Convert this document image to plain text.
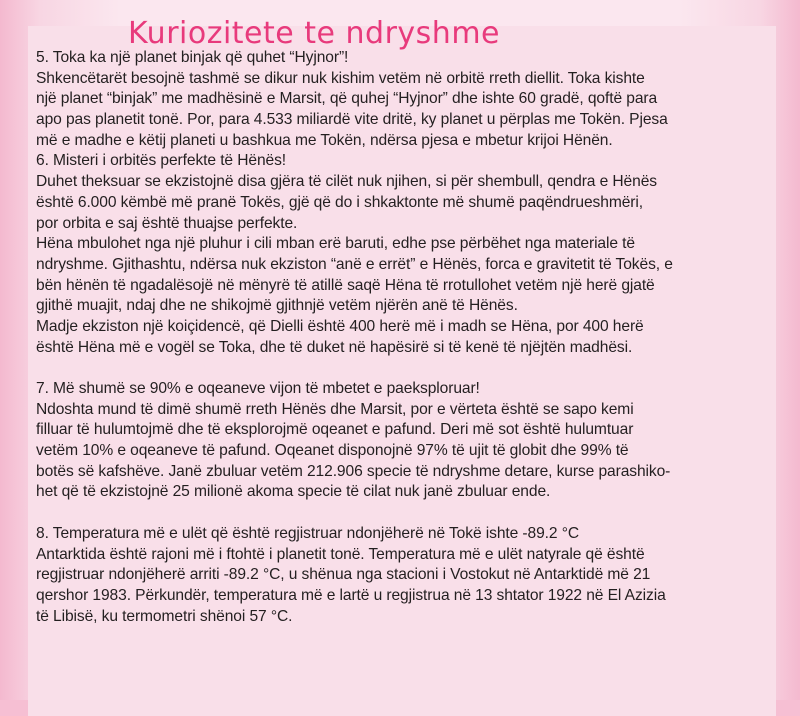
Kuriozitete te ndryshme
5. Toka ka një planet binjak që quhet “Hyjnor”!
Shkencëtarët besojnë tashmë se dikur nuk kishim vetëm në orbitë rreth diellit. Toka kishte
një planet “binjak” me madhësinë e Marsit, që quhej “Hyjnor” dhe ishte 60 gradë, qoftë para
apo pas planetit tonë. Por, para 4.533 miliardë vite dritë, ky planet u përplas me Tokën. Pjesa
më e madhe e këtij planeti u bashkua me Tokën, ndërsa pjesa e mbetur krijoi Hënën.
6. Misteri i orbitës perfekte të Hënës!
Duhet theksuar se ekzistojnë disa gjëra të cilët nuk njihen, si për shembull, qendra e Hënës
është 6.000 këmbë më pranë Tokës, gjë që do i shkaktonte më shumë paqëndrueshmëri,
por orbita e saj është thuajse perfekte.
Hëna mbulohet nga një pluhur i cili mban erë baruti, edhe pse përbëhet nga materiale të
ndryshme. Gjithashtu, ndërsa nuk ekziston “anë e errët” e Hënës, forca e gravitetit të Tokës, e
bën hënën të ngadalësojë në mënyrë të atillë saqë Hëna të rrotullohet vetëm një herë gjatë
gjithë muajit, ndaj dhe ne shikojmë gjithnjë vetëm njërën anë të Hënës.
Madje ekziston një koiçidencë, që Dielli është 400 herë më i madh se Hëna, por 400 herë
është Hëna më e vogël se Toka, dhe të duket në hapësirë si të kenë të njëjtën madhësi.
7. Më shumë se 90% e oqeaneve vijon të mbetet e paeksploruar!
Ndoshta mund të dimë shumë rreth Hënës dhe Marsit, por e vërteta është se sapo kemi
filluar të hulumtojmë dhe të eksplorojmë oqeanet e pafund. Deri më sot është hulumtuar
vetëm 10% e oqeaneve të pafund. Oqeanet disponojnë 97% të ujit të globit dhe 99% të
botës së kafshëve. Janë zbuluar vetëm 212.906 specie të ndryshme detare, kurse parashiko-
het që të ekzistojnë 25 milionë akoma specie të cilat nuk janë zbuluar ende.
8. Temperatura më e ulët që është regjistruar ndonjëherë në Tokë ishte -89.2 °C
Antarktida është rajoni më i ftohtë i planetit tonë. Temperatura më e ulët natyrale që është
regjistruar ndonjëherë arriti -89.2 °C, u shënua nga stacioni i Vostokut në Antarktidë më 21
qershor 1983. Përkundër, temperatura më e lartë u regjistrua në 13 shtator 1922 në El Azizia
të Libisë, ku termometri shënoi 57 °C.
